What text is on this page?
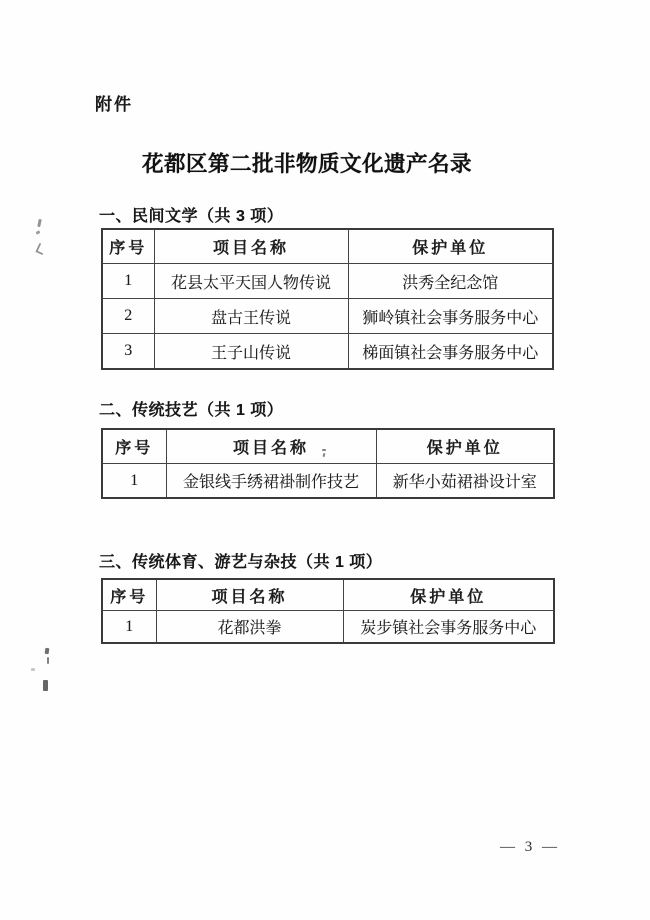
附件
花都区第二批非物质文化遗产名录
一、民间文学（共 3 项）
序号	项目名称	保护单位
1	花县太平天国人物传说	洪秀全纪念馆
2	盘古王传说	狮岭镇社会事务服务中心
3	王子山传说	梯面镇社会事务服务中心
二、传统技艺（共 1 项）
序号	项目名称	保护单位
1	金银线手绣裙褂制作技艺	新华小茹裙褂设计室
三、传统体育、游艺与杂技（共 1 项）
序号	项目名称	保护单位
1	花都洪拳	炭步镇社会事务服务中心
— 3 —
